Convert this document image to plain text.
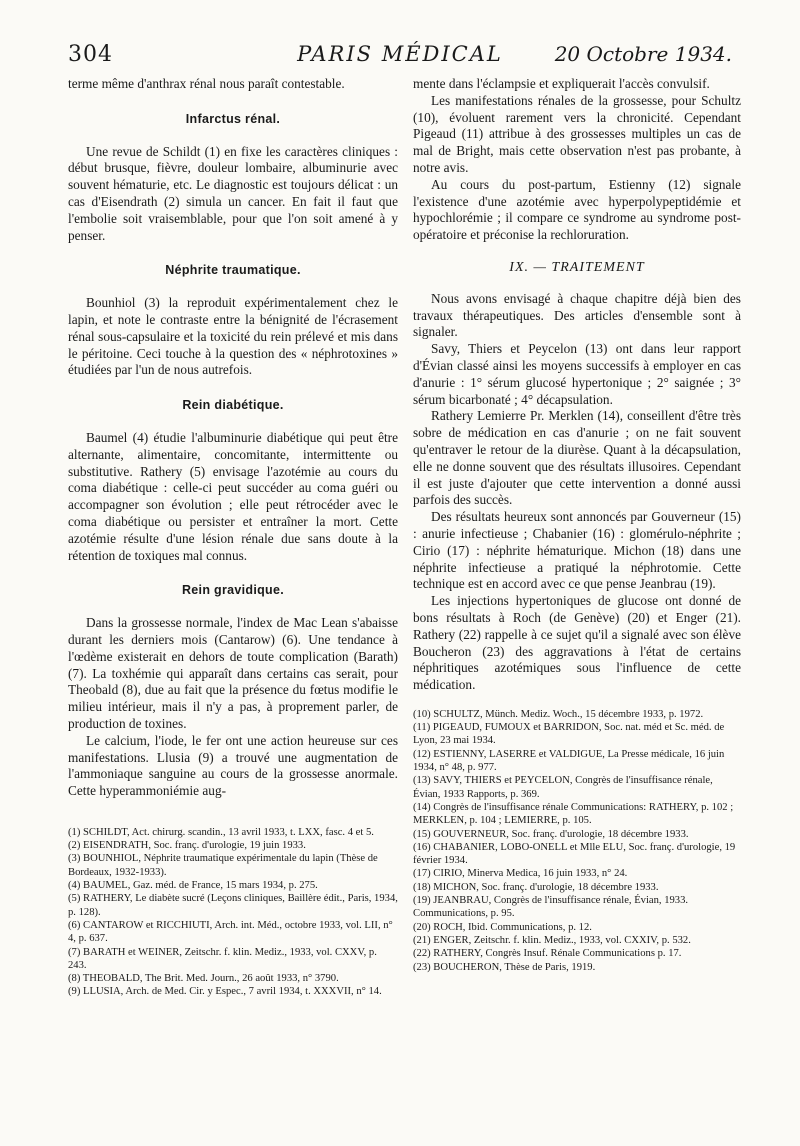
304	PARIS MÉDICAL	20 Octobre 1934.

terme même d'anthrax rénal nous paraît contestable.

Infarctus rénal.

Une revue de Schildt (1) en fixe les caractères cliniques : début brusque, fièvre, douleur lombaire, albuminurie avec souvent hématurie, etc. Le diagnostic est toujours délicat : un cas d'Eisendrath (2) simula un cancer. En fait il faut que l'embolie soit vraisemblable, pour que l'on soit amené à y penser.

Néphrite traumatique.

Bounhiol (3) la reproduit expérimentalement chez le lapin, et note le contraste entre la bénignité de l'écrasement rénal sous-capsulaire et la toxicité du rein prélevé et mis dans le péritoine. Ceci touche à la question des « néphrotoxines » étudiées par l'un de nous autrefois.

Rein diabétique.

Baumel (4) étudie l'albuminurie diabétique qui peut être alternante, alimentaire, concomitante, intermittente ou substitutive. Rathery (5) envisage l'azotémie au cours du coma diabétique : celle-ci peut succéder au coma guéri ou accompagner son évolution ; elle peut rétrocéder avec le coma diabétique ou persister et entraîner la mort. Cette azotémie résulte d'une lésion rénale due sans doute à la rétention de toxiques mal connus.

Rein gravidique.

Dans la grossesse normale, l'index de Mac Lean s'abaisse durant les derniers mois (Cantarow) (6). Une tendance à l'œdème existerait en dehors de toute complication (Barath) (7). La toxhémie qui apparaît dans certains cas serait, pour Theobald (8), due au fait que la présence du fœtus modifie le milieu intérieur, mais il n'y a pas, à proprement parler, de production de toxines.

Le calcium, l'iode, le fer ont une action heureuse sur ces manifestations. Llusia (9) a trouvé une augmentation de l'ammoniaque sanguine au cours de la grossesse anormale. Cette hyperammoniémie aug-

(1) SCHILDT, Act. chirurg. scandin., 13 avril 1933, t. LXX, fasc. 4 et 5.
(2) EISENDRATH, Soc. franç. d'urologie, 19 juin 1933.
(3) BOUNHIOL, Néphrite traumatique expérimentale du lapin (Thèse de Bordeaux, 1932-1933).
(4) BAUMEL, Gaz. méd. de France, 15 mars 1934, p. 275.
(5) RATHERY, Le diabète sucré (Leçons cliniques, Baillère édit., Paris, 1934, p. 128).
(6) CANTAROW et RICCHIUTI, Arch. int. Méd., octobre 1933, vol. LII, n° 4, p. 637.
(7) BARATH et WEINER, Zeitschr. f. klin. Mediz., 1933, vol. CXXV, p. 243.
(8) THEOBALD, The Brit. Med. Journ., 26 août 1933, n° 3790.
(9) LLUSIA, Arch. de Med. Cir. y Espec., 7 avril 1934, t. XXXVII, n° 14.

mente dans l'éclampsie et expliquerait l'accès convulsif.

Les manifestations rénales de la grossesse, pour Schultz (10), évoluent rarement vers la chronicité. Cependant Pigeaud (11) attribue à des grossesses multiples un cas de mal de Bright, mais cette observation n'est pas probante, à notre avis.

Au cours du post-partum, Estienny (12) signale l'existence d'une azotémie avec hyperpolypeptidémie et hypochlorémie ; il compare ce syndrome au syndrome post-opératoire et préconise la rechloruration.

IX. — TRAITEMENT

Nous avons envisagé à chaque chapitre déjà bien des travaux thérapeutiques. Des articles d'ensemble sont à signaler.

Savy, Thiers et Peycelon (13) ont dans leur rapport d'Évian classé ainsi les moyens successifs à employer en cas d'anurie : 1° sérum glucosé hypertonique ; 2° saignée ; 3° sérum bicarbonaté ; 4° décapsulation.

Rathery Lemierre Pr. Merklen (14), conseillent d'être très sobre de médication en cas d'anurie ; on ne fait souvent qu'entraver le retour de la diurèse. Quant à la décapsulation, elle ne donne souvent que des résultats illusoires. Cependant il est juste d'ajouter que cette intervention a donné aussi parfois des succès.

Des résultats heureux sont annoncés par Gouverneur (15) : anurie infectieuse ; Chabanier (16) : glomérulo-néphrite ; Cirio (17) : néphrite hématurique. Michon (18) dans une néphrite infectieuse a pratiqué la néphrotomie. Cette technique est en accord avec ce que pense Jeanbrau (19).

Les injections hypertoniques de glucose ont donné de bons résultats à Roch (de Genève) (20) et Enger (21). Rathery (22) rappelle à ce sujet qu'il a signalé avec son élève Boucheron (23) des aggravations à l'état de certains néphritiques azotémiques sous l'influence de cette médication.

(10) SCHULTZ, Münch. Mediz. Woch., 15 décembre 1933, p. 1972.
(11) PIGEAUD, FUMOUX et BARRIDON, Soc. nat. méd et Sc. méd. de Lyon, 23 mai 1934.
(12) ESTIENNY, LASERRE et VALDIGUE, La Presse médicale, 16 juin 1934, n° 48, p. 977.
(13) SAVY, THIERS et PEYCELON, Congrès de l'insuffisance rénale, Évian, 1933 Rapports, p. 369.
(14) Congrès de l'insuffisance rénale Communications: RATHERY, p. 102 ; MERKLEN, p. 104 ; LEMIERRE, p. 105.
(15) GOUVERNEUR, Soc. franç. d'urologie, 18 décembre 1933.
(16) CHABANIER, LOBO-ONELL et Mlle ELU, Soc. franç. d'urologie, 19 février 1934.
(17) CIRIO, Minerva Medica, 16 juin 1933, n° 24.
(18) MICHON, Soc. franç. d'urologie, 18 décembre 1933.
(19) JEANBRAU, Congrès de l'insuffisance rénale, Évian, 1933. Communications, p. 95.
(20) ROCH, Ibid. Communications, p. 12.
(21) ENGER, Zeitschr. f. klin. Mediz., 1933, vol. CXXIV, p. 532.
(22) RATHERY, Congrès Insuf. Rénale Communications p. 17.
(23) BOUCHERON, Thèse de Paris, 1919.
